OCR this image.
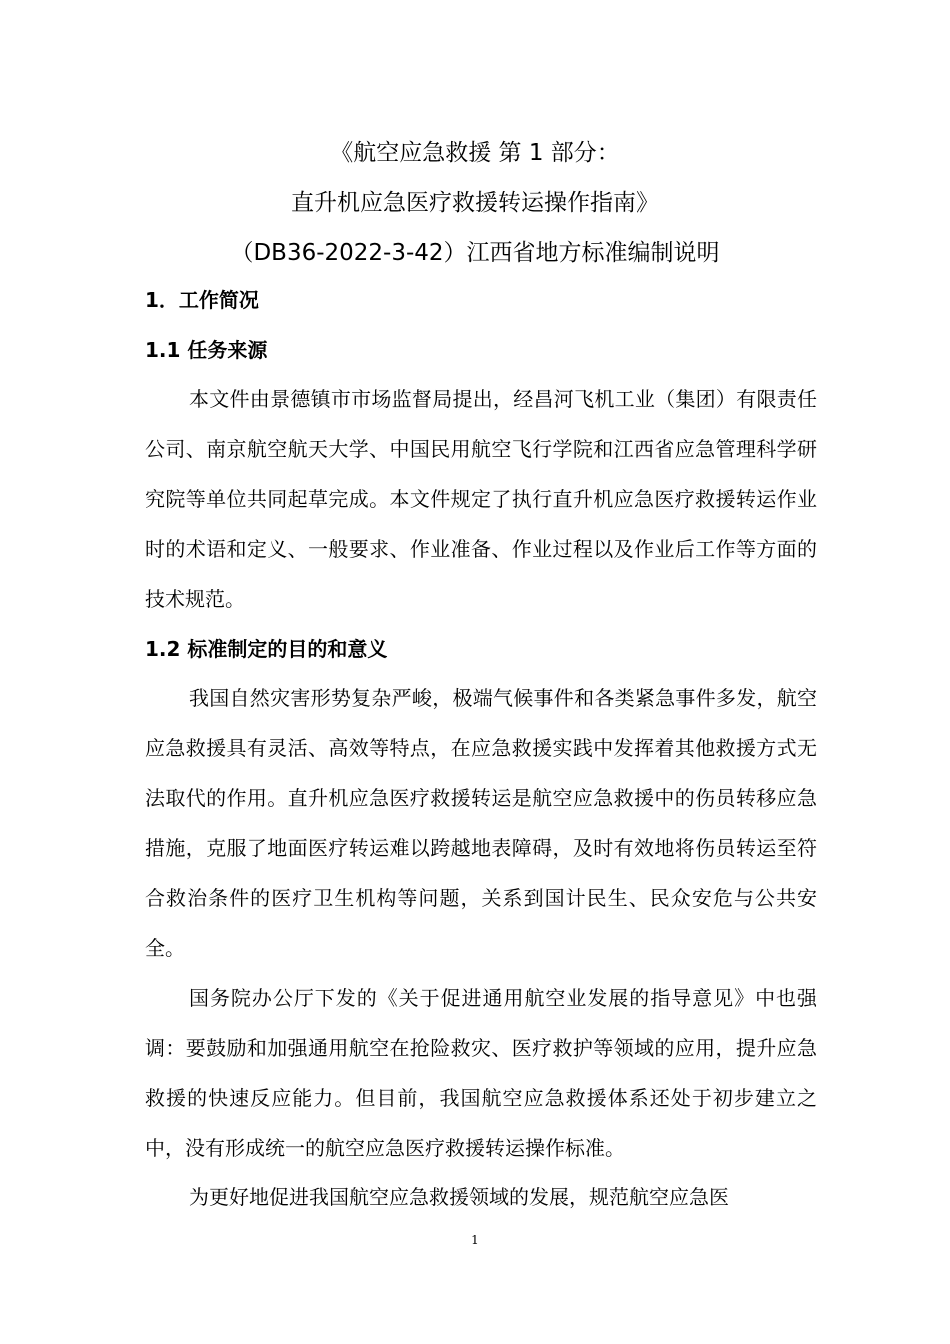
《航空应急救援 第 1 部分：
直升机应急医疗救援转运操作指南》
（DB36-2022-3-42）江西省地方标准编制说明
1．工作简况
1.1 任务来源

本文件由景德镇市市场监督局提出，经昌河飞机工业（集团）有限责任公司、南京航空航天大学、中国民用航空飞行学院和江西省应急管理科学研究院等单位共同起草完成。本文件规定了执行直升机应急医疗救援转运作业时的术语和定义、一般要求、作业准备、作业过程以及作业后工作等方面的技术规范。

1.2 标准制定的目的和意义

我国自然灾害形势复杂严峻，极端气候事件和各类紧急事件多发，航空应急救援具有灵活、高效等特点，在应急救援实践中发挥着其他救援方式无法取代的作用。直升机应急医疗救援转运是航空应急救援中的伤员转移应急措施，克服了地面医疗转运难以跨越地表障碍，及时有效地将伤员转运至符合救治条件的医疗卫生机构等问题，关系到国计民生、民众安危与公共安全。

国务院办公厅下发的《关于促进通用航空业发展的指导意见》中也强调：要鼓励和加强通用航空在抢险救灾、医疗救护等领域的应用，提升应急救援的快速反应能力。但目前，我国航空应急救援体系还处于初步建立之中，没有形成统一的航空应急医疗救援转运操作标准。

为更好地促进我国航空应急救援领域的发展，规范航空应急医

1
